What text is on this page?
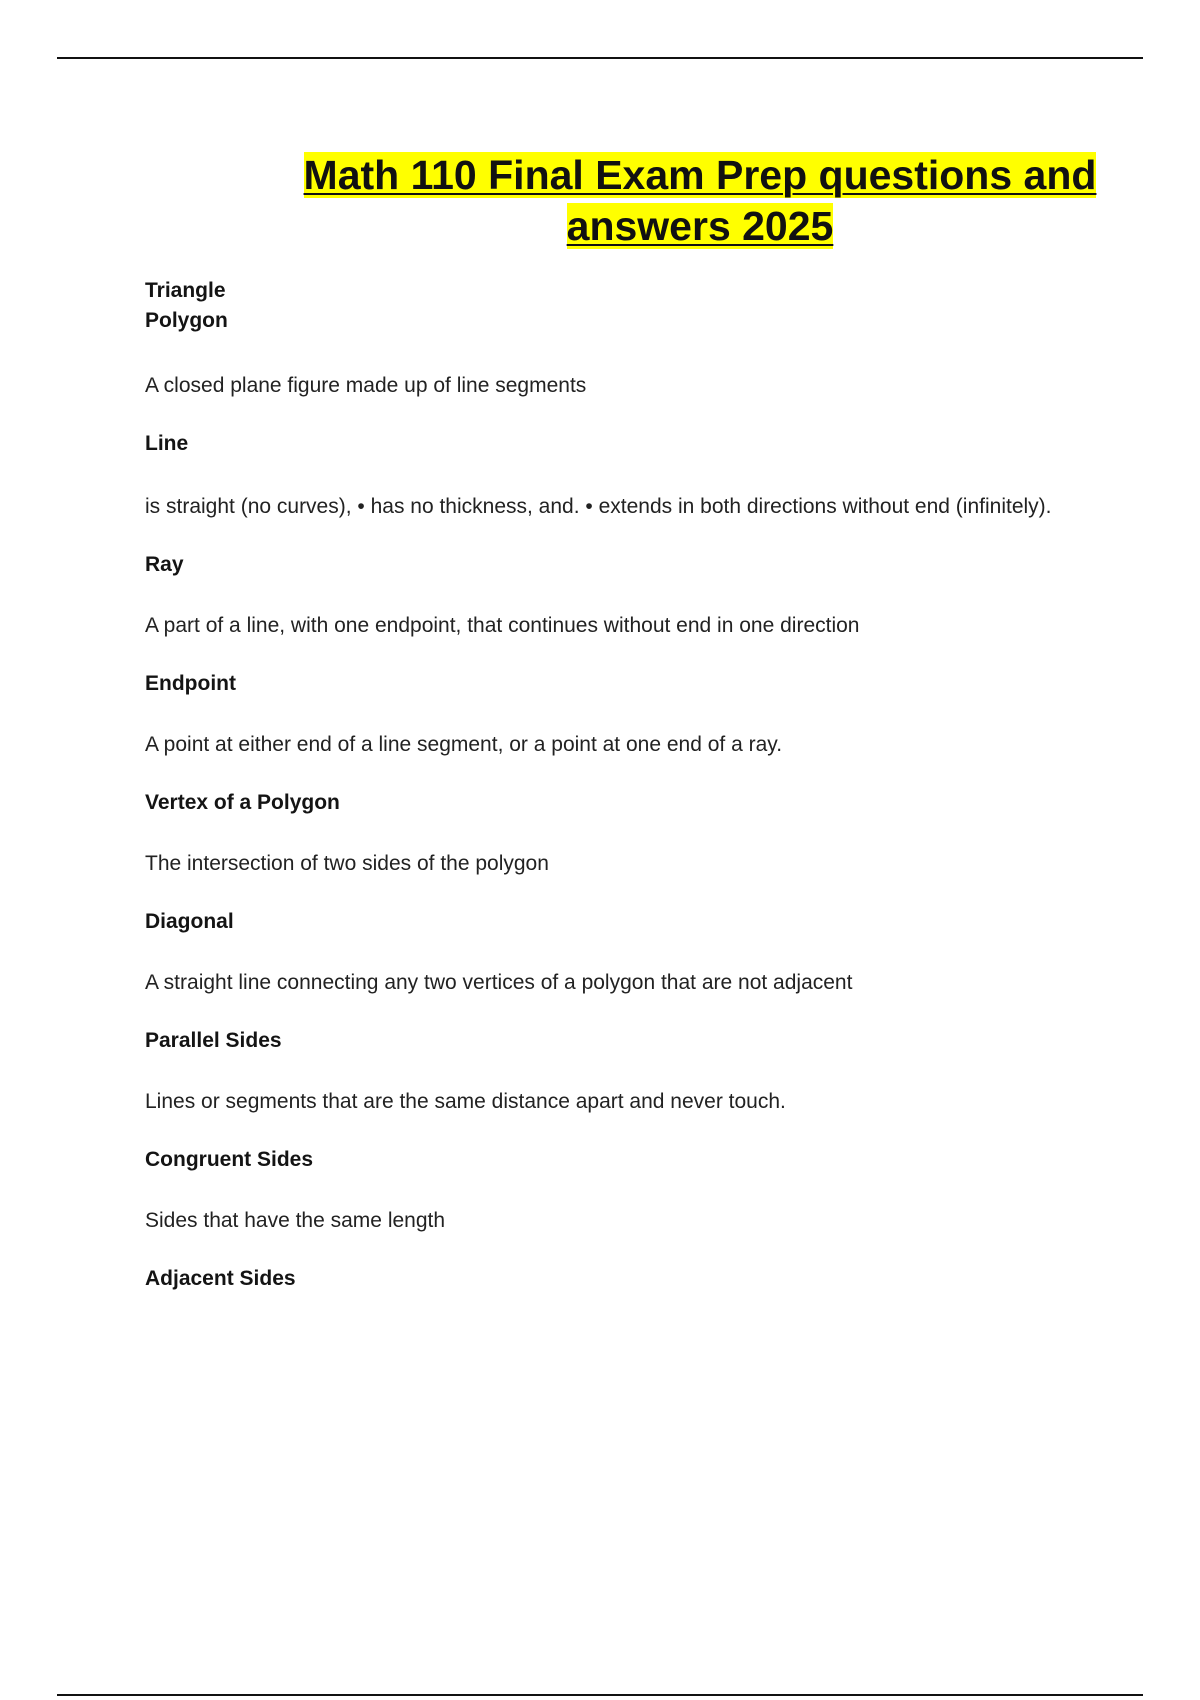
Math 110 Final Exam Prep questions and answers 2025

Triangle

Polygon

A closed plane figure made up of line segments

Line

is straight (no curves), • has no thickness, and. • extends in both directions without end (infinitely).

Ray

A part of a line, with one endpoint, that continues without end in one direction

Endpoint

A point at either end of a line segment, or a point at one end of a ray.

Vertex of a Polygon

The intersection of two sides of the polygon

Diagonal

A straight line connecting any two vertices of a polygon that are not adjacent

Parallel Sides

Lines or segments that are the same distance apart and never touch.

Congruent Sides

Sides that have the same length

Adjacent Sides
